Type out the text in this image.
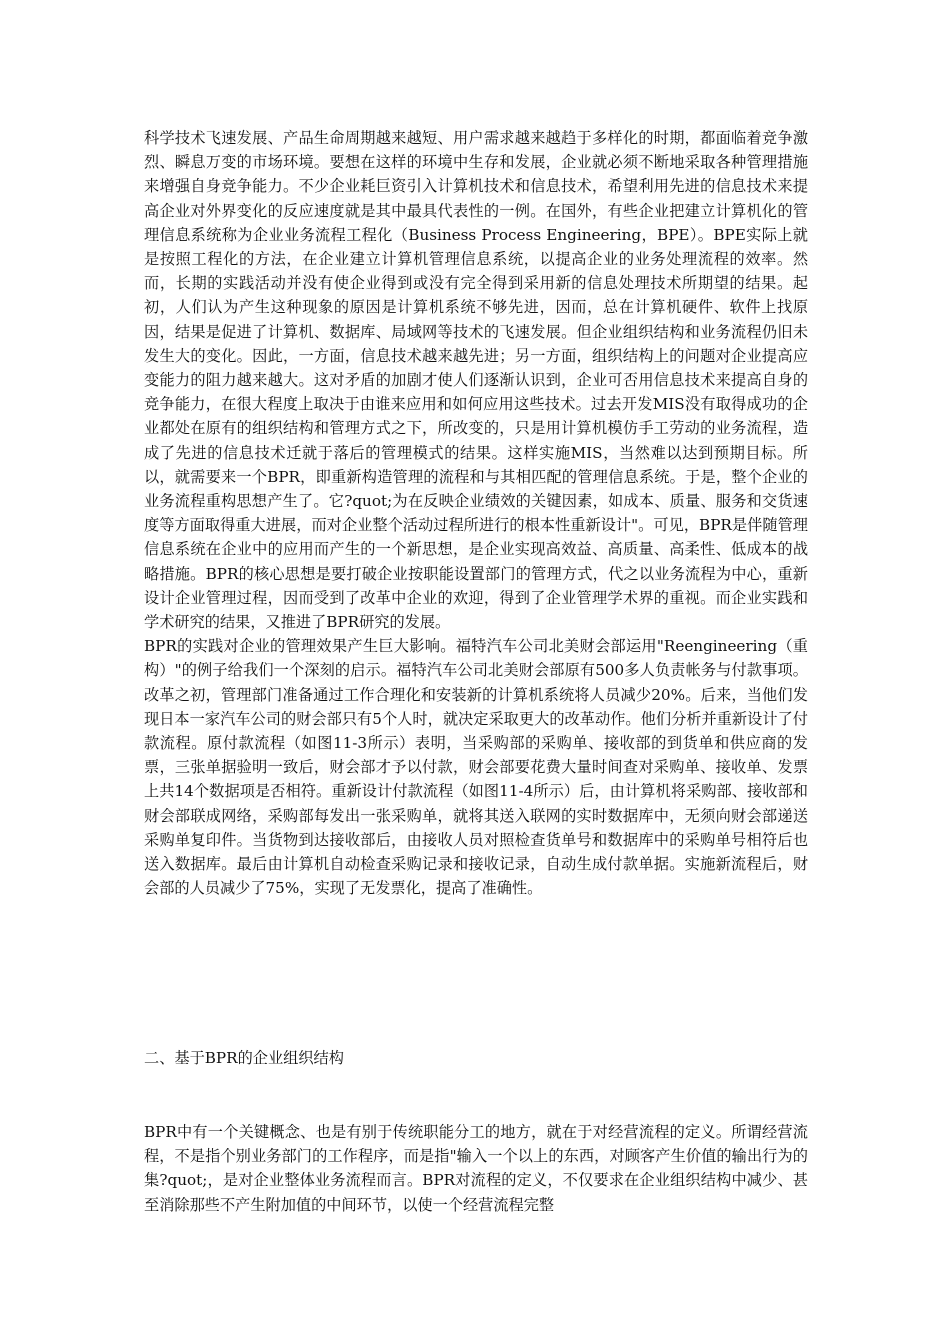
科学技术飞速发展、产品生命周期越来越短、用户需求越来越趋于多样化的时期，都面临着竞争激烈、瞬息万变的市场环境。要想在这样的环境中生存和发展，企业就必须不断地采取各种管理措施来增强自身竞争能力。不少企业耗巨资引入计算机技术和信息技术，希望利用先进的信息技术来提高企业对外界变化的反应速度就是其中最具代表性的一例。在国外，有些企业把建立计算机化的管理信息系统称为企业业务流程工程化（Business Process Engineering，BPE）。BPE实际上就是按照工程化的方法，在企业建立计算机管理信息系统，以提高企业的业务处理流程的效率。然而，长期的实践活动并没有使企业得到或没有完全得到采用新的信息处理技术所期望的结果。起初，人们认为产生这种现象的原因是计算机系统不够先进，因而，总在计算机硬件、软件上找原因，结果是促进了计算机、数据库、局域网等技术的飞速发展。但企业组织结构和业务流程仍旧未发生大的变化。因此，一方面，信息技术越来越先进；另一方面，组织结构上的问题对企业提高应变能力的阻力越来越大。这对矛盾的加剧才使人们逐渐认识到，企业可否用信息技术来提高自身的竞争能力，在很大程度上取决于由谁来应用和如何应用这些技术。过去开发MIS没有取得成功的企业都处在原有的组织结构和管理方式之下，所改变的，只是用计算机模仿手工劳动的业务流程，造成了先进的信息技术迁就于落后的管理模式的结果。这样实施MIS，当然难以达到预期目标。所以，就需要来一个BPR，即重新构造管理的流程和与其相匹配的管理信息系统。于是，整个企业的业务流程重构思想产生了。它?quot;为在反映企业绩效的关键因素，如成本、质量、服务和交货速度等方面取得重大进展，而对企业整个活动过程所进行的根本性重新设计"。可见，BPR是伴随管理信息系统在企业中的应用而产生的一个新思想，是企业实现高效益、高质量、高柔性、低成本的战略措施。BPR的核心思想是要打破企业按职能设置部门的管理方式，代之以业务流程为中心，重新设计企业管理过程，因而受到了改革中企业的欢迎，得到了企业管理学术界的重视。而企业实践和学术研究的结果，又推进了BPR研究的发展。

BPR的实践对企业的管理效果产生巨大影响。福特汽车公司北美财会部运用"Reengineering（重构）"的例子给我们一个深刻的启示。福特汽车公司北美财会部原有500多人负责帐务与付款事项。改革之初，管理部门准备通过工作合理化和安装新的计算机系统将人员减少20%。后来，当他们发现日本一家汽车公司的财会部只有5个人时，就决定采取更大的改革动作。他们分析并重新设计了付款流程。原付款流程（如图11-3所示）表明，当采购部的采购单、接收部的到货单和供应商的发票，三张单据验明一致后，财会部才予以付款，财会部要花费大量时间查对采购单、接收单、发票上共14个数据项是否相符。重新设计付款流程（如图11-4所示）后，由计算机将采购部、接收部和财会部联成网络，采购部每发出一张采购单，就将其送入联网的实时数据库中，无须向财会部递送采购单复印件。当货物到达接收部后，由接收人员对照检查货单号和数据库中的采购单号相符后也送入数据库。最后由计算机自动检查采购记录和接收记录，自动生成付款单据。实施新流程后，财会部的人员减少了75%，实现了无发票化，提高了准确性。

二、基于BPR的企业组织结构

BPR中有一个关键概念、也是有别于传统职能分工的地方，就在于对经营流程的定义。所谓经营流程，不是指个别业务部门的工作程序，而是指"输入一个以上的东西，对顾客产生价值的输出行为的集?quot;，是对企业整体业务流程而言。BPR对流程的定义，不仅要求在企业组织结构中减少、甚至消除那些不产生附加值的中间环节，以使一个经营流程完整
